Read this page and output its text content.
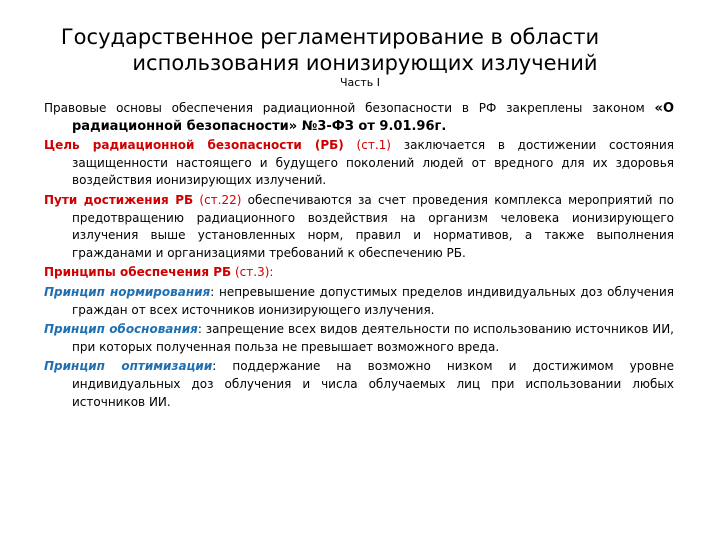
Государственное регламентирование в области
использования ионизирующих излучений
Часть I

Правовые основы обеспечения радиационной безопасности в РФ закреплены законом «О радиационной безопасности» №3-ФЗ от 9.01.96г.

Цель радиационной безопасности (РБ) (ст.1) заключается в достижении состояния защищенности настоящего и будущего поколений людей от вредного для их здоровья воздействия ионизирующих излучений.

Пути достижения РБ (ст.22) обеспечиваются за счет проведения комплекса мероприятий по предотвращению радиационного воздействия на организм человека ионизирующего излучения выше установленных норм, правил и нормативов, а также выполнения гражданами и организациями требований к обеспечению РБ.

Принципы обеспечения РБ (ст.3):

Принцип нормирования: непревышение допустимых пределов индивидуальных доз облучения граждан от всех источников ионизирующего излучения.

Принцип обоснования: запрещение всех видов деятельности по использованию источников ИИ, при которых полученная польза не превышает возможного вреда.

Принцип оптимизации: поддержание на возможно низком и достижимом уровне индивидуальных доз облучения и числа облучаемых лиц при использовании любых источников ИИ.
